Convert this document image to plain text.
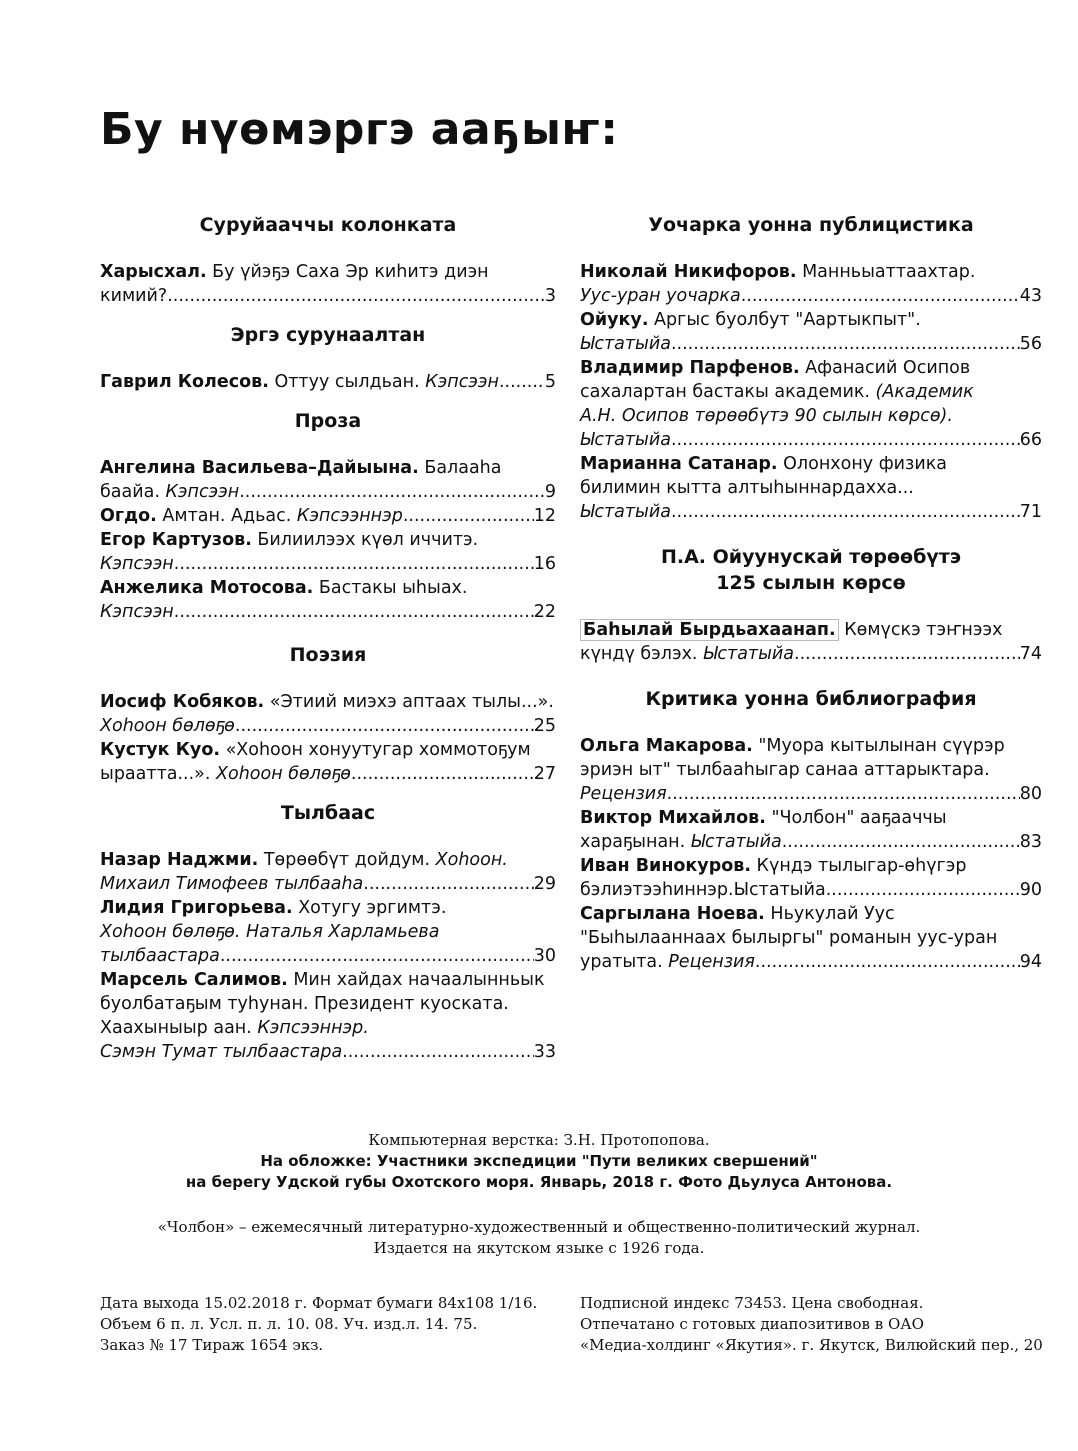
Бу нүөмэргэ ааҕыҥ:
Суруйааччы колонката
Харысхал. Бу үйэҕэ Саха Эр киһитэ диэн
кимий? .....	3
Эргэ сурунаалтан
Гаврил Колесов. Оттуу сылдьан. Кэпсээн .....	5
Проза
Ангелина Васильева–Дайыына. Балааһа
баайа. Кэпсээн .....	9
Огдо. Амтан. Адьас. Кэпсээннэр .....	12
Егор Картузов. Билиилээх күөл иччитэ.
Кэпсээн .....	16
Анжелика Мотосова. Бастакы ыһыах.
Кэпсээн .....	22
Поэзия
Иосиф Кобяков. «Этиий миэхэ аптаах тылы...».
Хоһоон бөлөҕө .....	25
Кустук Куо. «Хоһоон хонуутугар хоммотоҕум
ыраатта...». Хоһоон бөлөҕө .....	27
Тылбаас
Назар Наджми. Төрөөбүт дойдум. Хоһоон.
Михаил Тимофеев тылбааһа .....	29
Лидия Григорьева. Хотугу эргимтэ.
Хоһоон бөлөҕө. Наталья Харламьева
тылбаастара .....	30
Марсель Салимов. Мин хайдах начаалынньык
буолбатаҕым туһунан. Президент куоската.
Хаахыныыр аан. Кэпсээннэр.
Сэмэн Тумат тылбаастара .....	33
Уочарка уонна публицистика
Николай Никифоров. Манньыаттаахтар.
Уус-уран уочарка .....	43
Ойуку. Аргыс буолбут "Аартыкпыт".
Ыстатыйа .....	56
Владимир Парфенов. Афанасий Осипов
сахалартан бастакы академик. (Академик
А.Н. Осипов төрөөбүтэ 90 сылын көрсө).
Ыстатыйа .....	66
Марианна Сатанар. Олонхону физика
билимин кытта алтыһыннардахха...
Ыстатыйа .....	71
П.А. Ойуунускай төрөөбүтэ
125 сылын көрсө
Баһылай Бырдьахаанап. Көмүскэ тэҥнээх
күндү бэлэх. Ыстатыйа .....	74
Критика уонна библиография
Ольга Макарова. "Муора кытылынан сүүрэр
эриэн ыт" тылбааһыгар санаа аттарыктара.
Рецензия .....	80
Виктор Михайлов. "Чолбон" ааҕааччы
хараҕынан. Ыстатыйа .....	83
Иван Винокуров. Күндэ тылыгар-өһүгэр
бэлиэтээһиннэр.Ыстатыйа .....	90
Саргылана Ноева. Ньукулай Уус
"Быһылааннаах былыргы" романын уус-уран
уратыта. Рецензия .....	94
Компьютерная верстка: З.Н. Протопопова.
На обложке: Участники экспедиции "Пути великих свершений"
на берегу Удской губы Охотского моря. Январь, 2018 г. Фото Дьулуса Антонова.
«Чолбон» – ежемесячный литературно-художественный и общественно-политический журнал.
Издается на якутском языке с 1926 года.
Дата выхода 15.02.2018 г. Формат бумаги 84х108 1/16.
Объем 6 п. л. Усл. п. л. 10. 08. Уч. изд.л. 14. 75.
Заказ № 17 Тираж 1654 экз.
Подписной индекс 73453. Цена свободная.
Отпечатано с готовых диапозитивов в ОАО
«Медиа-холдинг «Якутия». г. Якутск, Вилюйский пер., 20
